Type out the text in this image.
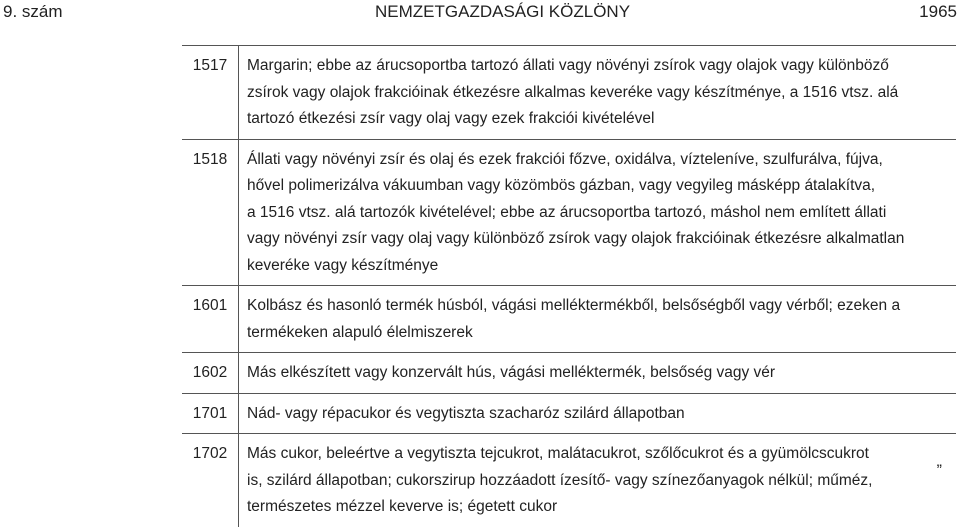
9. szám	NEMZETGAZDASÁGI KÖZLÖNY	1965
1517	Margarin; ebbe az árucsoportba tartozó állati vagy növényi zsírok vagy olajok vagy különböző
zsírok vagy olajok frakcióinak étkezésre alkalmas keveréke vagy készítménye, a 1516 vtsz. alá
tartozó étkezési zsír vagy olaj vagy ezek frakciói kivételével
1518	Állati vagy növényi zsír és olaj és ezek frakciói főzve, oxidálva, vízteleníve, szulfurálva, fújva,
hővel polimerizálva vákuumban vagy közömbös gázban, vagy vegyileg másképp átalakítva,
a 1516 vtsz. alá tartozók kivételével; ebbe az árucsoportba tartozó, máshol nem említett állati
vagy növényi zsír vagy olaj vagy különböző zsírok vagy olajok frakcióinak étkezésre alkalmatlan
keveréke vagy készítménye
1601	Kolbász és hasonló termék húsból, vágási melléktermékből, belsőségből vagy vérből; ezeken a
termékeken alapuló élelmiszerek
1602	Más elkészített vagy konzervált hús, vágási melléktermék, belsőség vagy vér
1701	Nád- vagy répacukor és vegytiszta szacharóz szilárd állapotban
1702	Más cukor, beleértve a vegytiszta tejcukrot, malátacukrot, szőlőcukrot és a gyümölcscukrot
is, szilárd állapotban; cukorszirup hozzáadott ízesítő- vagy színezőanyagok nélkül; műméz,
természetes mézzel keverve is; égetett cukor
„
